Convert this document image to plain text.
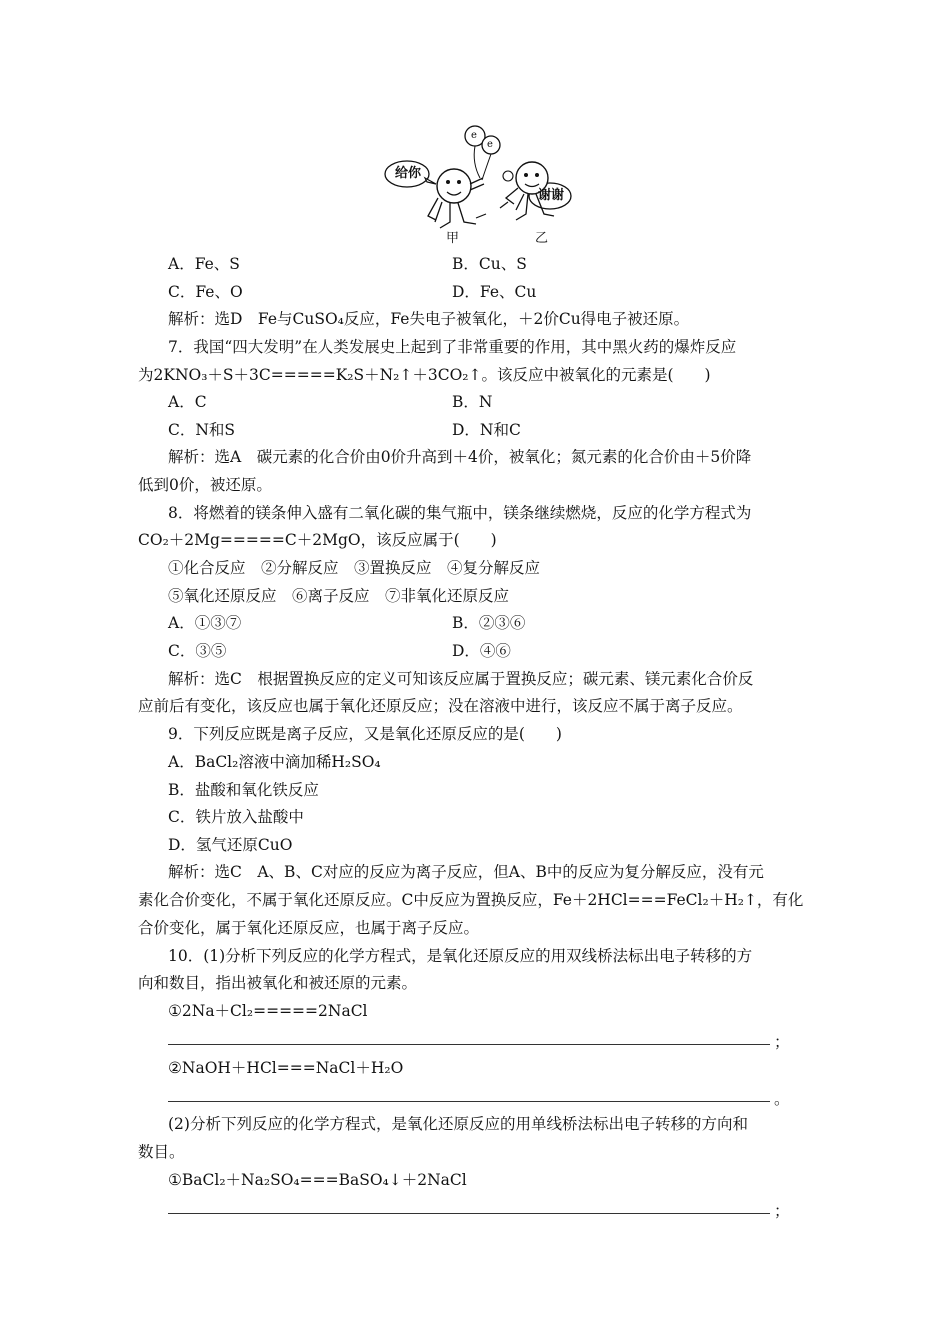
给你
谢谢
e
e
甲	乙
A．Fe、S	B．Cu、S
C．Fe、O	D．Fe、Cu
解析：选D　Fe与CuSO₄反应，Fe失电子被氧化，＋2价Cu得电子被还原。
7．我国“四大发明”在人类发展史上起到了非常重要的作用，其中黑火药的爆炸反应
为2KNO₃＋S＋3C=====K₂S＋N₂↑＋3CO₂↑。该反应中被氧化的元素是(　　)
A．C	B．N
C．N和S	D．N和C
解析：选A　碳元素的化合价由0价升高到＋4价，被氧化；氮元素的化合价由＋5价降
低到0价，被还原。
8．将燃着的镁条伸入盛有二氧化碳的集气瓶中，镁条继续燃烧，反应的化学方程式为
CO₂＋2Mg=====C＋2MgO，该反应属于(　　)
①化合反应　②分解反应　③置换反应　④复分解反应
⑤氧化还原反应　⑥离子反应　⑦非氧化还原反应
A．①③⑦	B．②③⑥
C．③⑤	D．④⑥
解析：选C　根据置换反应的定义可知该反应属于置换反应；碳元素、镁元素化合价反
应前后有变化，该反应也属于氧化还原反应；没在溶液中进行，该反应不属于离子反应。
9．下列反应既是离子反应，又是氧化还原反应的是(　　)
A．BaCl₂溶液中滴加稀H₂SO₄
B．盐酸和氧化铁反应
C．铁片放入盐酸中
D．氢气还原CuO
解析：选C　A、B、C对应的反应为离子反应，但A、B中的反应为复分解反应，没有元
素化合价变化，不属于氧化还原反应。C中反应为置换反应，Fe＋2HCl===FeCl₂＋H₂↑，有化
合价变化，属于氧化还原反应，也属于离子反应。
10．(1)分析下列反应的化学方程式，是氧化还原反应的用双线桥法标出电子转移的方
向和数目，指出被氧化和被还原的元素。
①2Na＋Cl₂=====2NaCl
；
②NaOH＋HCl===NaCl＋H₂O
。
(2)分析下列反应的化学方程式，是氧化还原反应的用单线桥法标出电子转移的方向和
数目。
①BaCl₂＋Na₂SO₄===BaSO₄↓＋2NaCl
；
